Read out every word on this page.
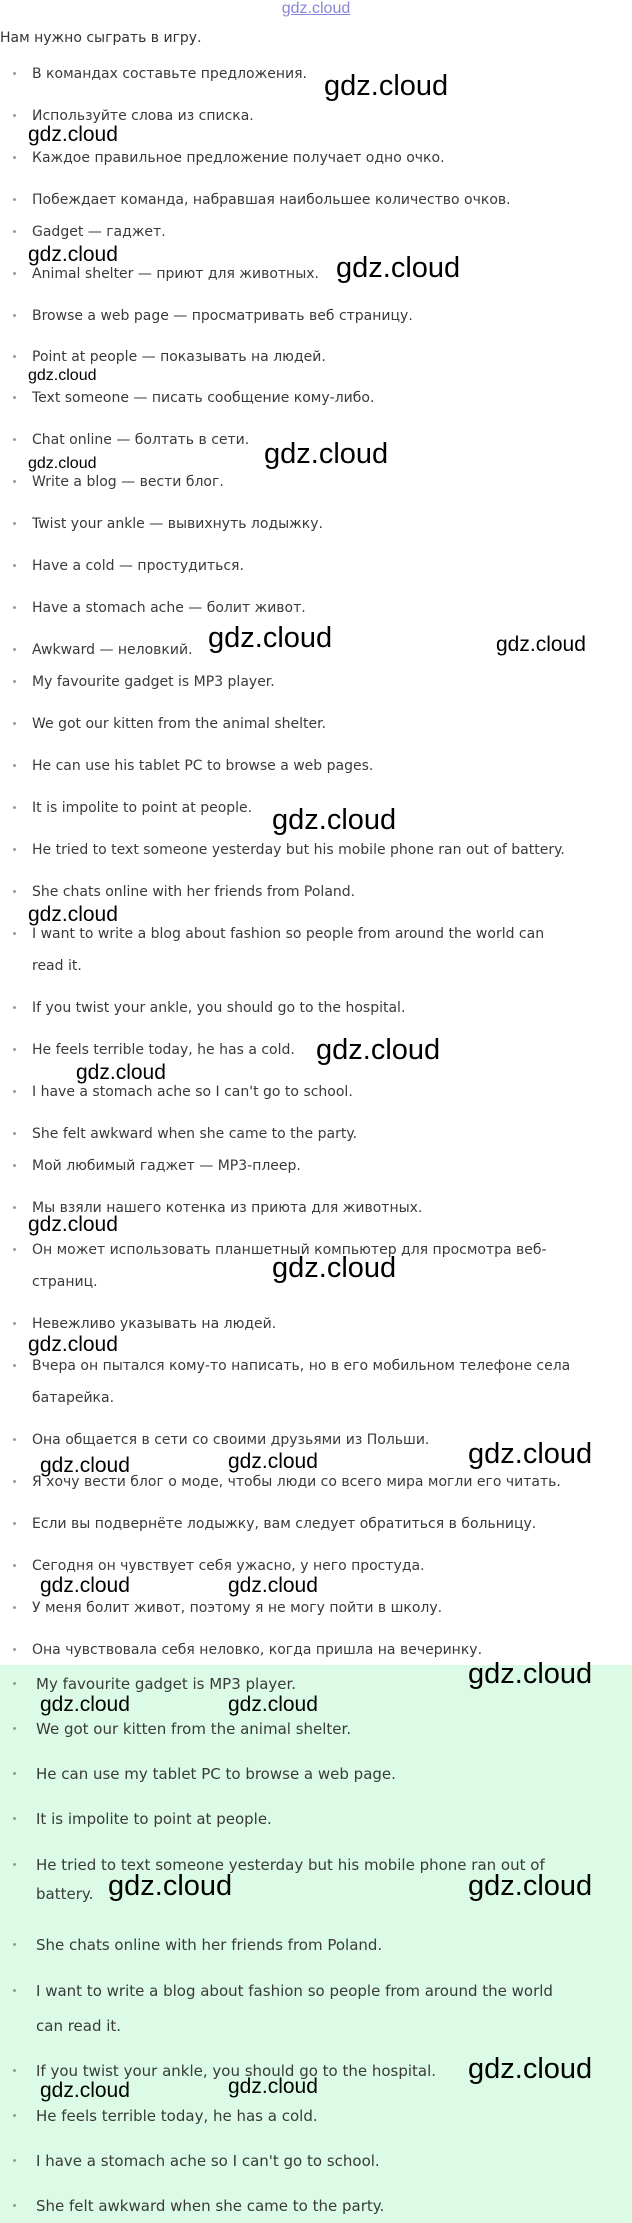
gdz.cloud
Нам нужно сыграть в игру.
В командах составьте предложения.
Используйте слова из списка.
Каждое правильное предложение получает одно очко.
Побеждает команда, набравшая наибольшее количество очков.
Gadget — гаджет.
Animal shelter — приют для животных.
Browse a web page — просматривать веб страницу.
Point at people — показывать на людей.
Text someone — писать сообщение кому-либо.
Chat online — болтать в сети.
Write a blog — вести блог.
Twist your ankle — вывихнуть лодыжку.
Have a cold — простудиться.
Have a stomach ache — болит живот.
Awkward — неловкий.
My favourite gadget is MP3 player.
We got our kitten from the animal shelter.
He can use his tablet PC to browse a web pages.
It is impolite to point at people.
He tried to text someone yesterday but his mobile phone ran out of battery.
She chats online with her friends from Poland.
I want to write a blog about fashion so people from around the world can
read it.
If you twist your ankle, you should go to the hospital.
He feels terrible today, he has a cold.
I have a stomach ache so I can't go to school.
She felt awkward when she came to the party.
Мой любимый гаджет — MP3-плеер.
Мы взяли нашего котенка из приюта для животных.
Он может использовать планшетный компьютер для просмотра веб-
страниц.
Невежливо указывать на людей.
Вчера он пытался кому-то написать, но в его мобильном телефоне села
батарейка.
Она общается в сети со своими друзьями из Польши.
Я хочу вести блог о моде, чтобы люди со всего мира могли его читать.
Если вы подвернёте лодыжку, вам следует обратиться в больницу.
Сегодня он чувствует себя ужасно, у него простуда.
У меня болит живот, поэтому я не могу пойти в школу.
Она чувствовала себя неловко, когда пришла на вечеринку.
My favourite gadget is MP3 player.
We got our kitten from the animal shelter.
He can use my tablet PC to browse a web page.
It is impolite to point at people.
He tried to text someone yesterday but his mobile phone ran out of
battery.
She chats online with her friends from Poland.
I want to write a blog about fashion so people from around the world
can read it.
If you twist your ankle, you should go to the hospital.
He feels terrible today, he has a cold.
I have a stomach ache so I can't go to school.
She felt awkward when she came to the party.
gdz.cloud
gdz.cloud
gdz.cloud	gdz.cloud
gdz.cloud
gdz.cloud
gdz.cloud
gdz.cloud	gdz.cloud
gdz.cloud
gdz.cloud
gdz.cloud
gdz.cloud
gdz.cloud
gdz.cloud
gdz.cloud
gdz.cloud	gdz.cloud
gdz.cloud
gdz.cloud	gdz.cloud
gdz.cloud
gdz.cloud	gdz.cloud
gdz.cloud	gdz.cloud
gdz.cloud
gdz.cloud	gdz.cloud
